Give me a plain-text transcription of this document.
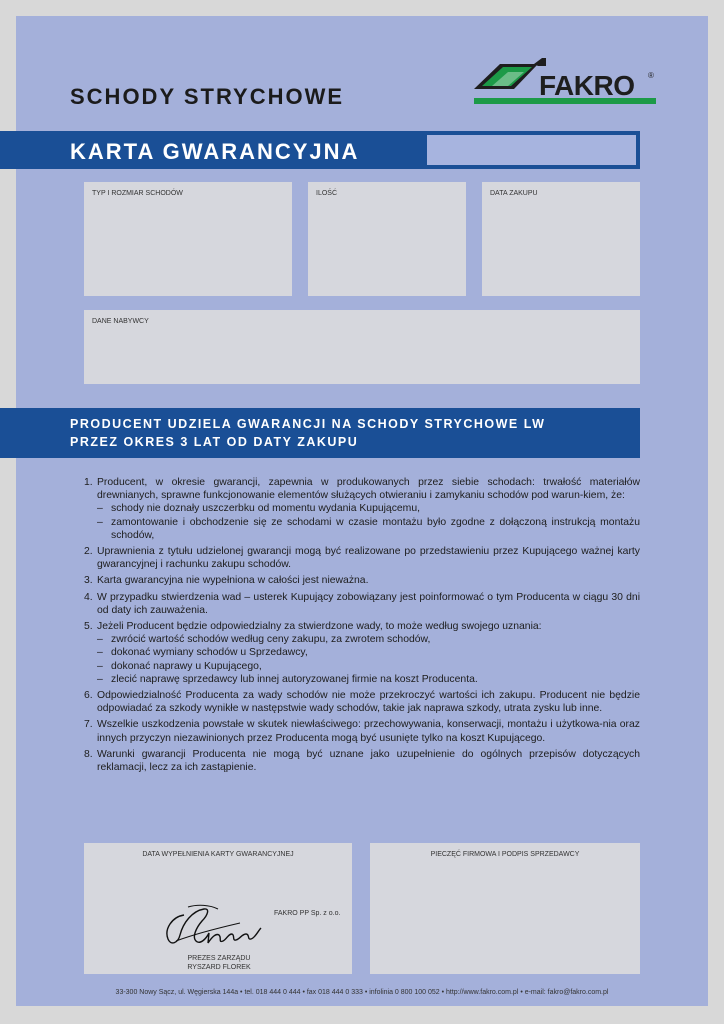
SCHODY STRYCHOWE	FAKRO ®
KARTA GWARANCYJNA
TYP I ROZMIAR SCHODÓW	ILOŚĆ	DATA ZAKUPU
DANE NABYWCY
PRODUCENT UDZIELA GWARANCJI NA SCHODY STRYCHOWE LW
PRZEZ OKRES 3 LAT OD DATY ZAKUPU
1. Producent, w okresie gwarancji, zapewnia w produkowanych przez siebie schodach: trwałość materiałów drewnianych, sprawne funkcjonowanie elementów służących otwieraniu i zamykaniu schodów pod warun-kiem, że:
– schody nie doznały uszczerbku od momentu wydania Kupującemu,
– zamontowanie i obchodzenie się ze schodami w czasie montażu było zgodne z dołączoną instrukcją montażu schodów,
2. Uprawnienia z tytułu udzielonej gwarancji mogą być realizowane po przedstawieniu przez Kupującego ważnej karty gwarancyjnej i rachunku zakupu schodów.
3. Karta gwarancyjna nie wypełniona w całości jest nieważna.
4. W przypadku stwierdzenia wad – usterek Kupujący zobowiązany jest poinformować o tym Producenta w ciągu 30 dni od daty ich zauważenia.
5. Jeżeli Producent będzie odpowiedzialny za stwierdzone wady, to może według swojego uznania:
– zwrócić wartość schodów według ceny zakupu, za zwrotem schodów,
– dokonać wymiany schodów u Sprzedawcy,
– dokonać naprawy u Kupującego,
– zlecić naprawę sprzedawcy lub innej autoryzowanej firmie na koszt Producenta.
6. Odpowiedzialność Producenta za wady schodów nie może przekroczyć wartości ich zakupu. Producent nie będzie odpowiadać za szkody wynikłe w następstwie wady schodów, takie jak naprawa szkody, utrata zysku lub inne.
7. Wszelkie uszkodzenia powstałe w skutek niewłaściwego: przechowywania, konserwacji, montażu i użytkowa-nia oraz innych przyczyn niezawinionych przez Producenta mogą być usunięte tylko na koszt Kupującego.
8. Warunki gwarancji Producenta nie mogą być uznane jako uzupełnienie do ogólnych przepisów dotyczących reklamacji, lecz za ich zastąpienie.
DATA WYPEŁNIENIA KARTY GWARANCYJNEJ
FAKRO PP Sp. z o.o.
PREZES ZARZĄDU
RYSZARD FLOREK
PIECZĘĆ FIRMOWA I PODPIS SPRZEDAWCY
33-300 Nowy Sącz, ul. Węgierska 144a • tel. 018 444 0 444 • fax 018 444 0 333 • infolinia 0 800 100 052 • http://www.fakro.com.pl • e-mail: fakro@fakro.com.pl
